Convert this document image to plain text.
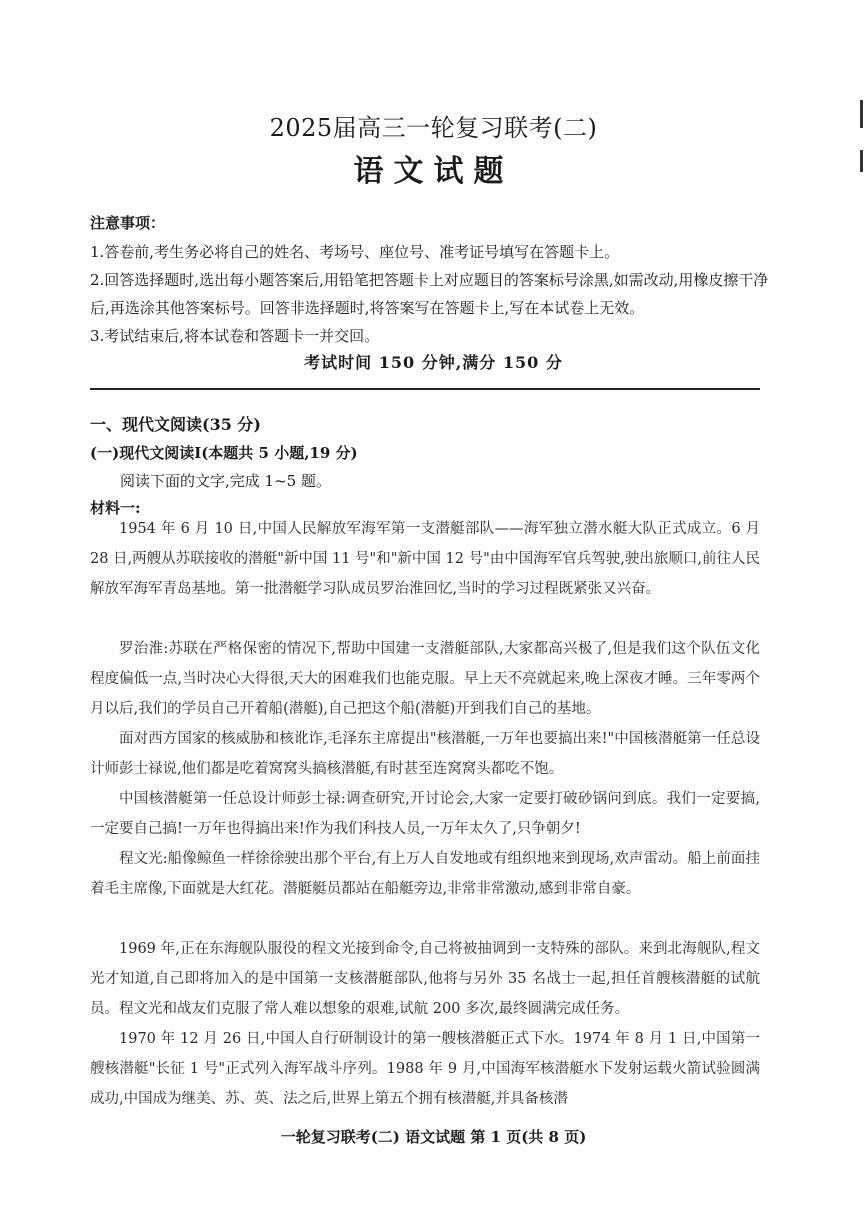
2025届高三一轮复习联考(二)
语文试题
注意事项：
1.答卷前,考生务必将自己的姓名、考场号、座位号、准考证号填写在答题卡上。
2.回答选择题时,选出每小题答案后,用铅笔把答题卡上对应题目的答案标号涂黑,如需改动,用橡皮擦干净后,再选涂其他答案标号。回答非选择题时,将答案写在答题卡上,写在本试卷上无效。
3.考试结束后,将本试卷和答题卡一并交回。
考试时间 150 分钟,满分 150 分
一、现代文阅读(35 分)
(一)现代文阅读Ⅰ(本题共 5 小题,19 分)
阅读下面的文字,完成 1~5 题。
材料一:
1954 年 6 月 10 日,中国人民解放军海军第一支潜艇部队——海军独立潜水艇大队正式成立。6 月 28 日,两艘从苏联接收的潜艇"新中国 11 号"和"新中国 12 号"由中国海军官兵驾驶,驶出旅顺口,前往人民解放军海军青岛基地。第一批潜艇学习队成员罗治淮回忆,当时的学习过程既紧张又兴奋。
罗治淮:苏联在严格保密的情况下,帮助中国建一支潜艇部队,大家都高兴极了,但是我们这个队伍文化程度偏低一点,当时决心大得很,天大的困难我们也能克服。早上天不亮就起来,晚上深夜才睡。三年零两个月以后,我们的学员自己开着船(潜艇),自己把这个船(潜艇)开到我们自己的基地。
面对西方国家的核威胁和核讹诈,毛泽东主席提出"核潜艇,一万年也要搞出来!"中国核潜艇第一任总设计师彭士禄说,他们都是吃着窝窝头搞核潜艇,有时甚至连窝窝头都吃不饱。
中国核潜艇第一任总设计师彭士禄:调查研究,开讨论会,大家一定要打破砂锅问到底。我们一定要搞,一定要自己搞!一万年也得搞出来!作为我们科技人员,一万年太久了,只争朝夕!
程文光:船像鲸鱼一样徐徐驶出那个平台,有上万人自发地或有组织地来到现场,欢声雷动。船上前面挂着毛主席像,下面就是大红花。潜艇艇员都站在船艇旁边,非常非常激动,感到非常自豪。
1969 年,正在东海舰队服役的程文光接到命令,自己将被抽调到一支特殊的部队。来到北海舰队,程文光才知道,自己即将加入的是中国第一支核潜艇部队,他将与另外 35 名战士一起,担任首艘核潜艇的试航员。程文光和战友们克服了常人难以想象的艰难,试航 200 多次,最终圆满完成任务。
1970 年 12 月 26 日,中国人自行研制设计的第一艘核潜艇正式下水。1974 年 8 月 1 日,中国第一艘核潜艇"长征 1 号"正式列入海军战斗序列。1988 年 9 月,中国海军核潜艇水下发射运载火箭试验圆满成功,中国成为继美、苏、英、法之后,世界上第五个拥有核潜艇,并具备核潜
一轮复习联考(二) 语文试题 第 1 页(共 8 页)
